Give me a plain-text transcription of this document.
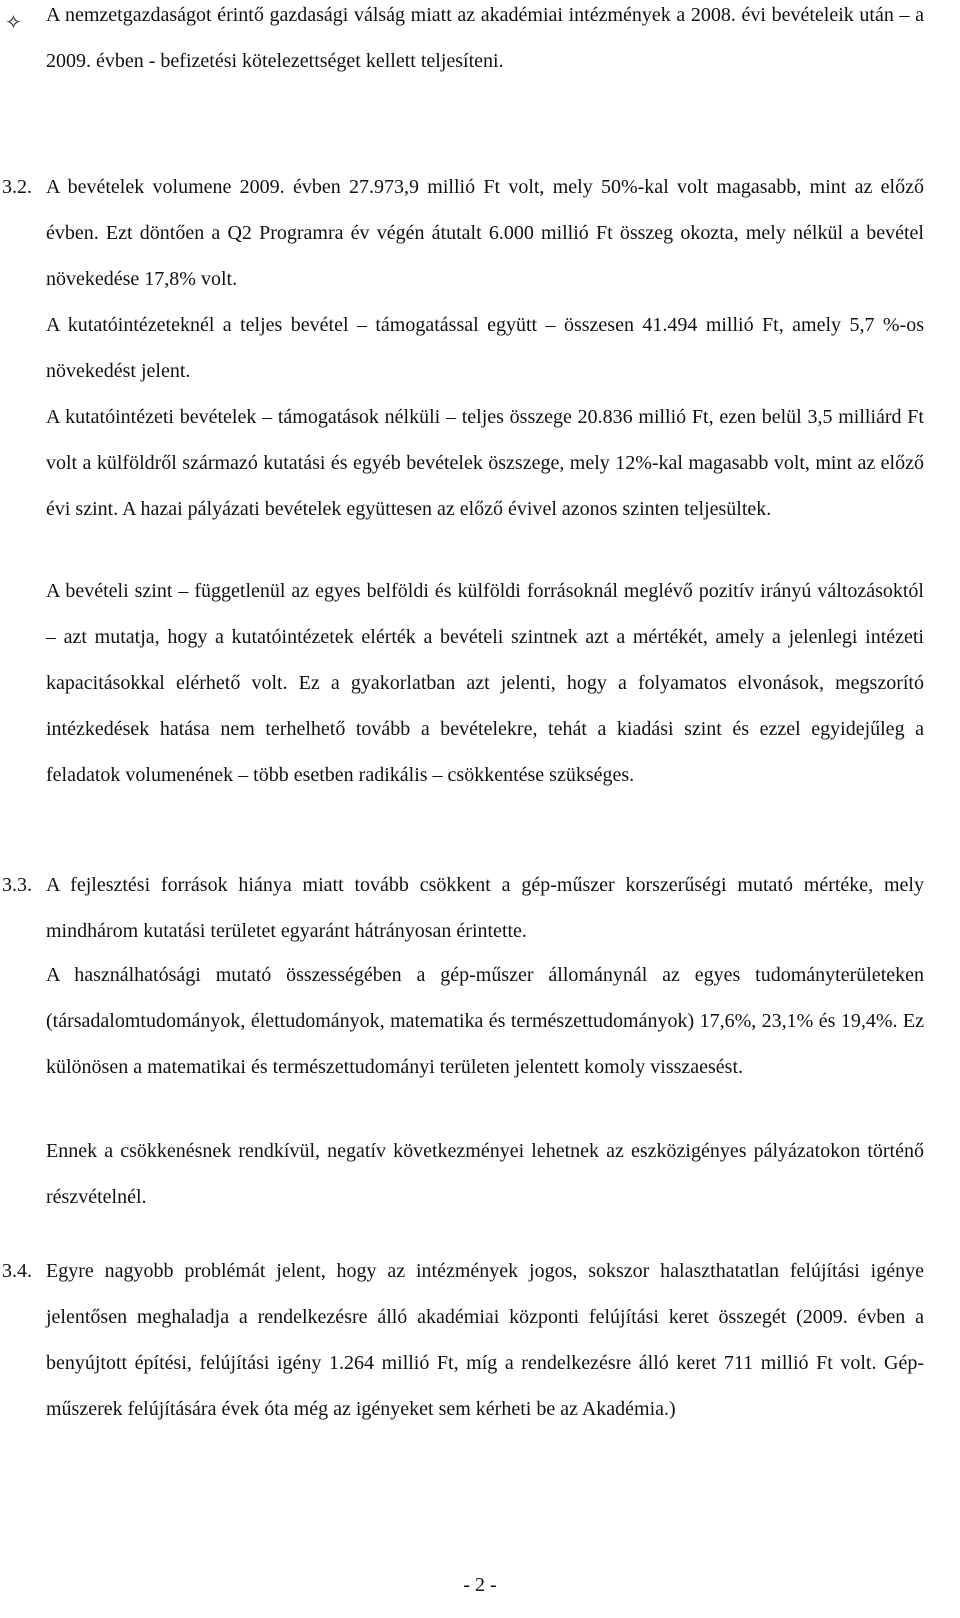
✧ A nemzetgazdaságot érintő gazdasági válság miatt az akadémiai intézmények a 2008. évi bevételeik után – a 2009. évben - befizetési kötelezettséget kellett teljesíteni.

3.2. A bevételek volumene 2009. évben 27.973,9 millió Ft volt, mely 50%-kal volt magasabb, mint az előző évben. Ezt döntően a Q2 Programra év végén átutalt 6.000 millió Ft összeg okozta, mely nélkül a bevétel növekedése 17,8% volt.

A kutatóintézeteknél a teljes bevétel – támogatással együtt – összesen 41.494 millió Ft, amely 5,7 %-os növekedést jelent.

A kutatóintézeti bevételek – támogatások nélküli – teljes összege 20.836 millió Ft, ezen belül 3,5 milliárd Ft volt a külföldről származó kutatási és egyéb bevételek öszszege, mely 12%-kal magasabb volt, mint az előző évi szint. A hazai pályázati bevételek együttesen az előző évivel azonos szinten teljesültek.

A bevételi szint – függetlenül az egyes belföldi és külföldi forrásoknál meglévő pozitív irányú változásoktól – azt mutatja, hogy a kutatóintézetek elérték a bevételi szintnek azt a mértékét, amely a jelenlegi intézeti kapacitásokkal elérhető volt. Ez a gyakorlatban azt jelenti, hogy a folyamatos elvonások, megszorító intézkedések hatása nem terhelhető tovább a bevételekre, tehát a kiadási szint és ezzel egyidejűleg a feladatok volumenének – több esetben radikális – csökkentése szükséges.

3.3. A fejlesztési források hiánya miatt tovább csökkent a gép-műszer korszerűségi mutató mértéke, mely mindhárom kutatási területet egyaránt hátrányosan érintette.

A használhatósági mutató összességében a gép-műszer állománynál az egyes tudományterületeken (társadalomtudományok, élettudományok, matematika és természettudományok) 17,6%, 23,1% és 19,4%. Ez különösen a matematikai és természettudományi területen jelentett komoly visszaesést.

Ennek a csökkenésnek rendkívül, negatív következményei lehetnek az eszközigényes pályázatokon történő részvételnél.

3.4. Egyre nagyobb problémát jelent, hogy az intézmények jogos, sokszor halaszthatatlan felújítási igénye jelentősen meghaladja a rendelkezésre álló akadémiai központi felújítási keret összegét (2009. évben a benyújtott építési, felújítási igény 1.264 millió Ft, míg a rendelkezésre álló keret 711 millió Ft volt. Gép-műszerek felújítására évek óta még az igényeket sem kérheti be az Akadémia.)

- 2 -
